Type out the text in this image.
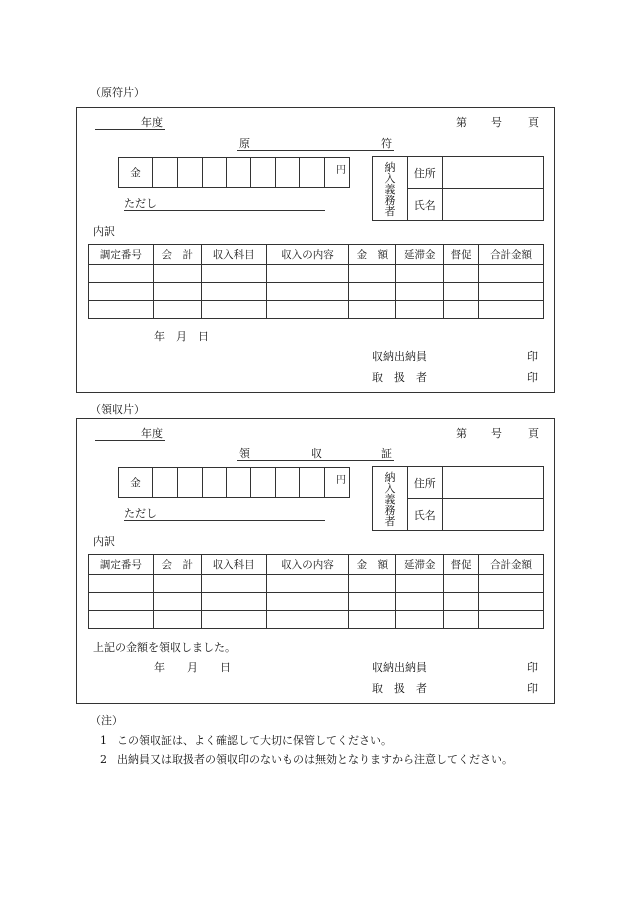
（原符片）
年度	第 号 頁
原	符
金								円
ただし
納入義務者	住所	
	氏名	
内訳
調定番号	会　計	収入科目	収入の内容	金　額	延滞金	督促	合計金額

年　月　日
収納出納員	印
取　扱　者	印
（領収片）
年度	第 号 頁
領	収	証
金								円
ただし
納入義務者	住所	
	氏名	
内訳
調定番号	会　計	収入科目	収入の内容	金　額	延滞金	督促	合計金額

上記の金額を領収しました。
年　　月　　日	収納出納員	印
取　扱　者	印
（注）
1 この領収証は、よく確認して大切に保管してください。
2 出納員又は取扱者の領収印のないものは無効となりますから注意してください。
